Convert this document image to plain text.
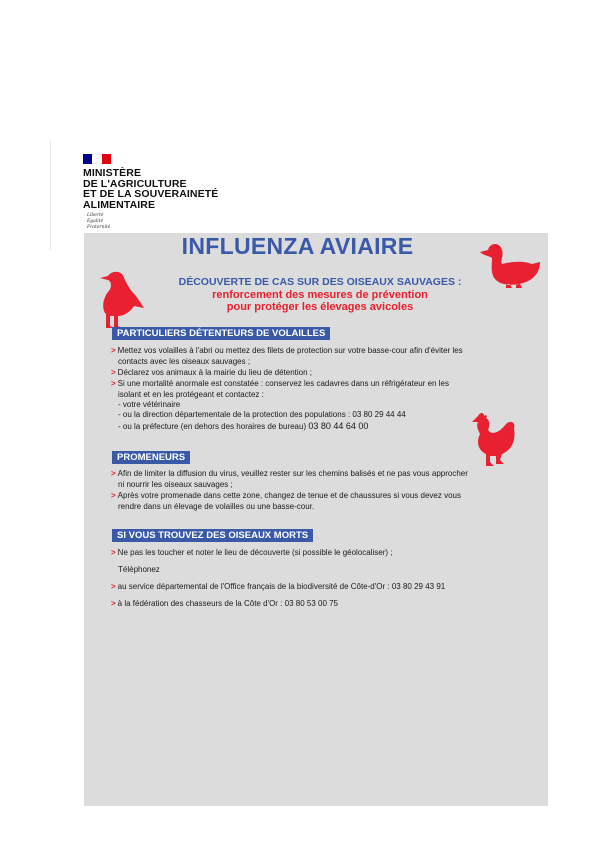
MINISTÈRE
DE L'AGRICULTURE
ET DE LA SOUVERAINETÉ
ALIMENTAIRE
Liberté
Égalité
Fraternité
INFLUENZA AVIAIRE
DÉCOUVERTE DE CAS SUR DES OISEAUX SAUVAGES :
renforcement des mesures de prévention
pour protéger les élevages avicoles
PARTICULIERS DÉTENTEURS DE VOLAILLES
> Mettez vos volailles à l'abri ou mettez des filets de protection sur votre basse-cour afin d'éviter les
contacts avec les oiseaux sauvages ;
> Déclarez vos animaux à la mairie du lieu de détention ;
> Si une mortalité anormale est constatée : conservez les cadavres dans un réfrigérateur en les
isolant et en les protégeant et contactez :
- votre vétérinaire
- ou la direction départementale de la protection des populations : 03 80 29 44 44
- ou la préfecture (en dehors des horaires de bureau) 03 80 44 64 00
PROMENEURS
> Afin de limiter la diffusion du virus, veuillez rester sur les chemins balisés et ne pas vous approcher
ni nourrir les oiseaux sauvages ;
> Après votre promenade dans cette zone, changez de tenue et de chaussures si vous devez vous
rendre dans un élevage de volailles ou une basse-cour.
SI VOUS TROUVEZ DES OISEAUX MORTS
> Ne pas les toucher et noter le lieu de découverte (si possible le géolocaliser) ;
Téléphonez
> au service départemental de l'Office français de la biodiversité de Côte-d'Or : 03 80 29 43 91
> à la fédération des chasseurs de la Côte d'Or : 03 80 53 00 75
